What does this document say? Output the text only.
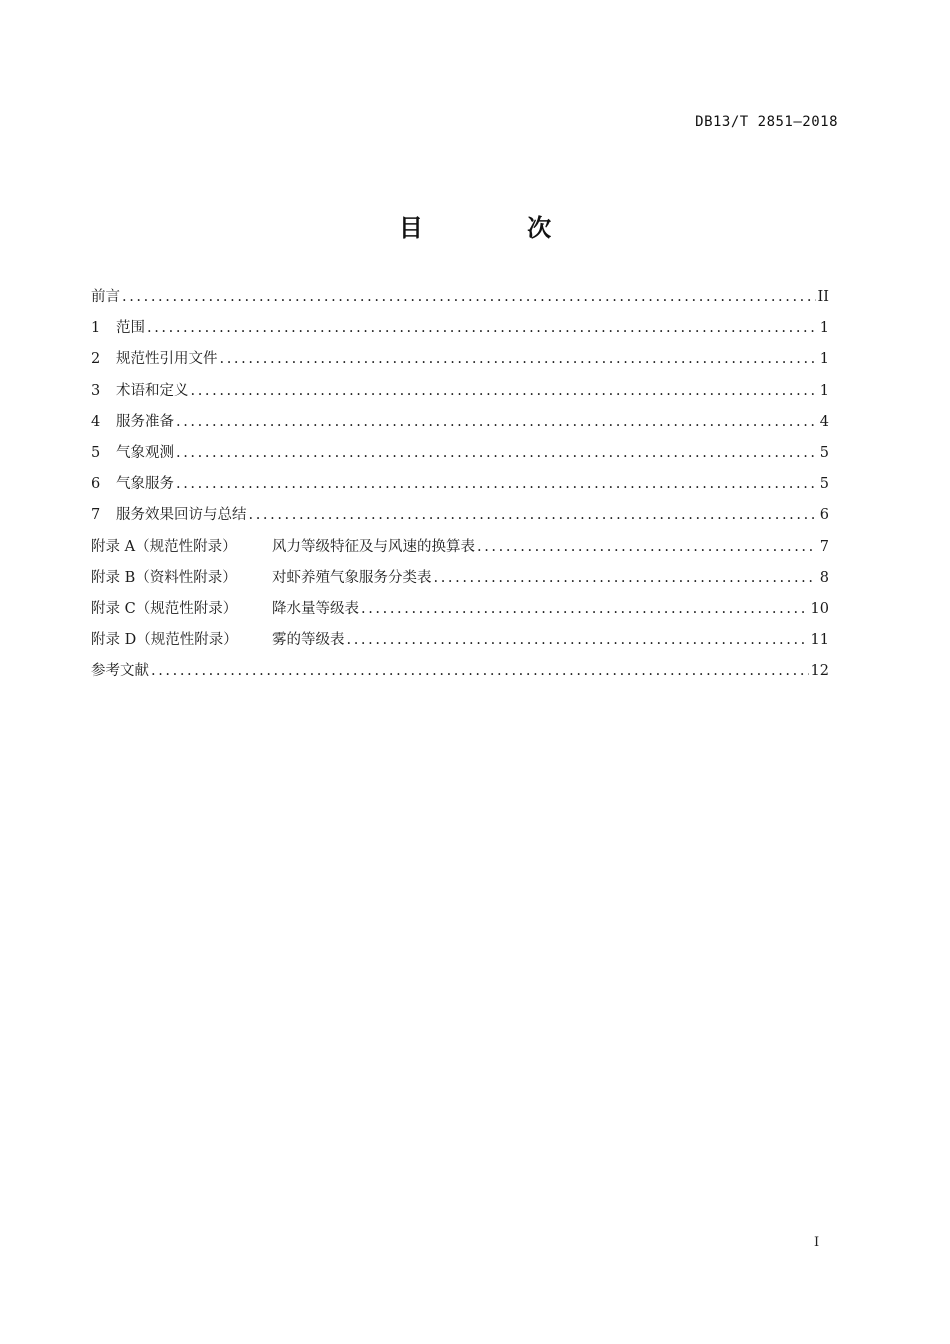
DB13/T 2851—2018
目 次
前言 .....	II
1	范围 .....	1
2	规范性引用文件 .....	1
3	术语和定义 .....	1
4	服务准备 .....	4
5	气象观测 .....	5
6	气象服务 .....	5
7	服务效果回访与总结 .....	6
附录 A（规范性附录）	风力等级特征及与风速的换算表 .....	7
附录 B（资料性附录）	对虾养殖气象服务分类表 .....	8
附录 C（规范性附录）	降水量等级表 .....	10
附录 D（规范性附录）	雾的等级表 .....	11
参考文献 .....	12
I
